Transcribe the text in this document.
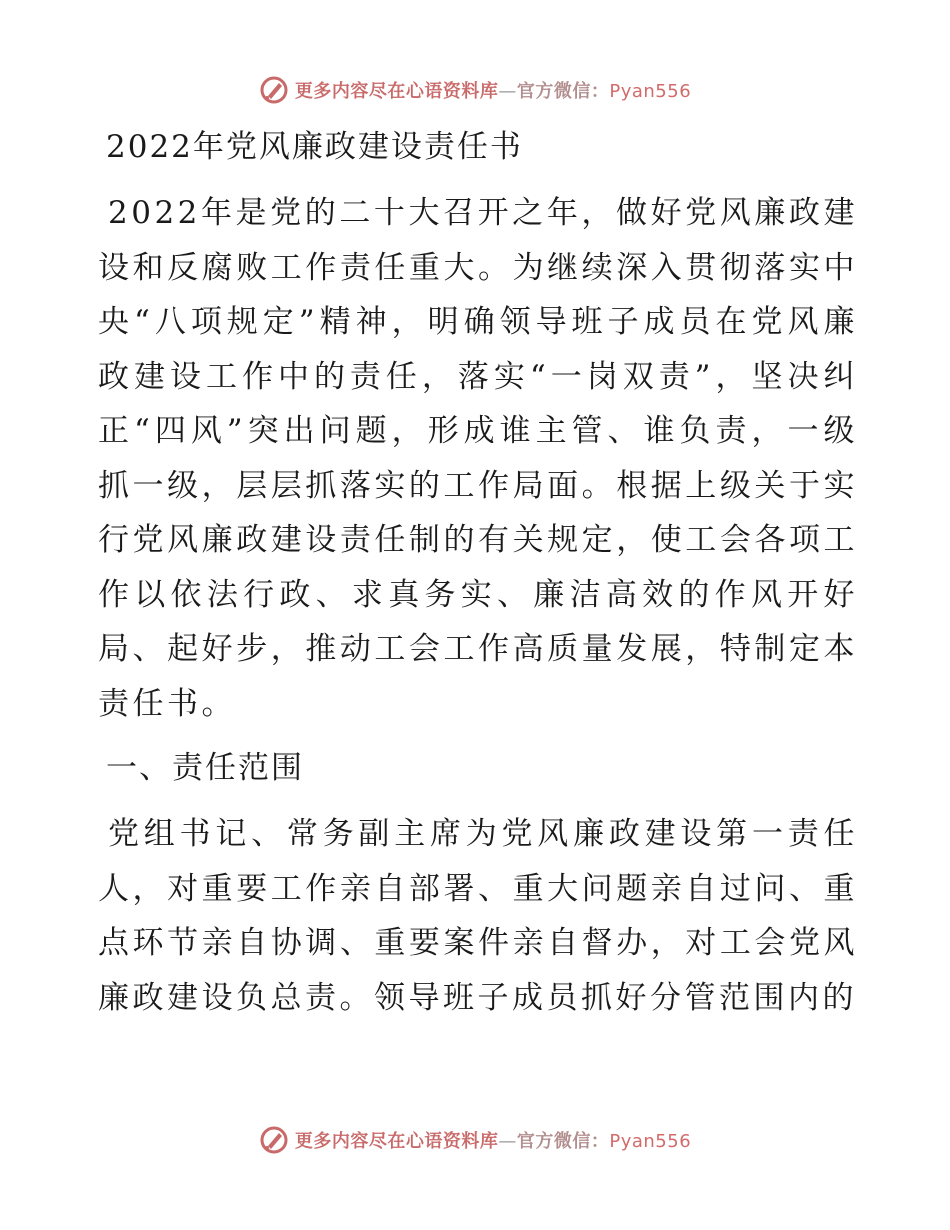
更多内容尽在心语资料库—官方微信：Pyan556
2022年党风廉政建设责任书

2022年是党的二十大召开之年，做好党风廉政建设和反腐败工作责任重大。为继续深入贯彻落实中央“八项规定”精神，明确领导班子成员在党风廉政建设工作中的责任，落实“一岗双责”，坚决纠正“四风”突出问题，形成谁主管、谁负责，一级抓一级，层层抓落实的工作局面。根据上级关于实行党风廉政建设责任制的有关规定，使工会各项工作以依法行政、求真务实、廉洁高效的作风开好局、起好步，推动工会工作高质量发展，特制定本责任书。

一、责任范围

党组书记、常务副主席为党风廉政建设第一责任人，对重要工作亲自部署、重大问题亲自过问、重点环节亲自协调、重要案件亲自督办，对工会党风廉政建设负总责。领导班子成员抓好分管范围内的

更多内容尽在心语资料库—官方微信：Pyan556
